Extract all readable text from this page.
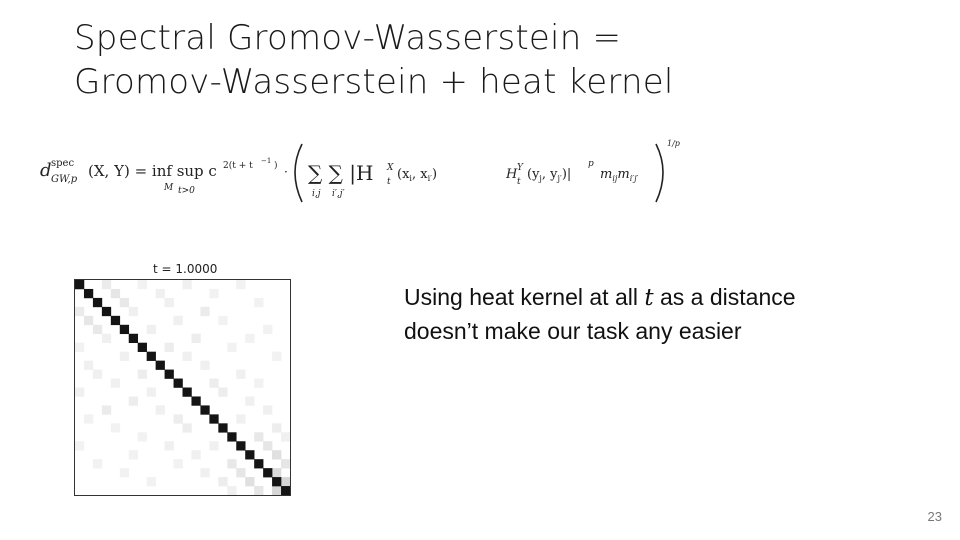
Spectral Gromov-Wasserstein =
Gromov-Wasserstein + heat kernel
d spec
GW,p (X, Y) = inf sup c
M t>0
2(t + t −1 ) · ∑ ∑ |H
i,j i′,j′
X
t ($x_i$, $x_{i'}$)	H Y
t ($y_j$, $y_{j'})|$
p
$m_{ij}m_{i'j'}$
1/p
t = 1.0000
Using heat kernel at all t as a distance
doesn’t make our task any easier
23
